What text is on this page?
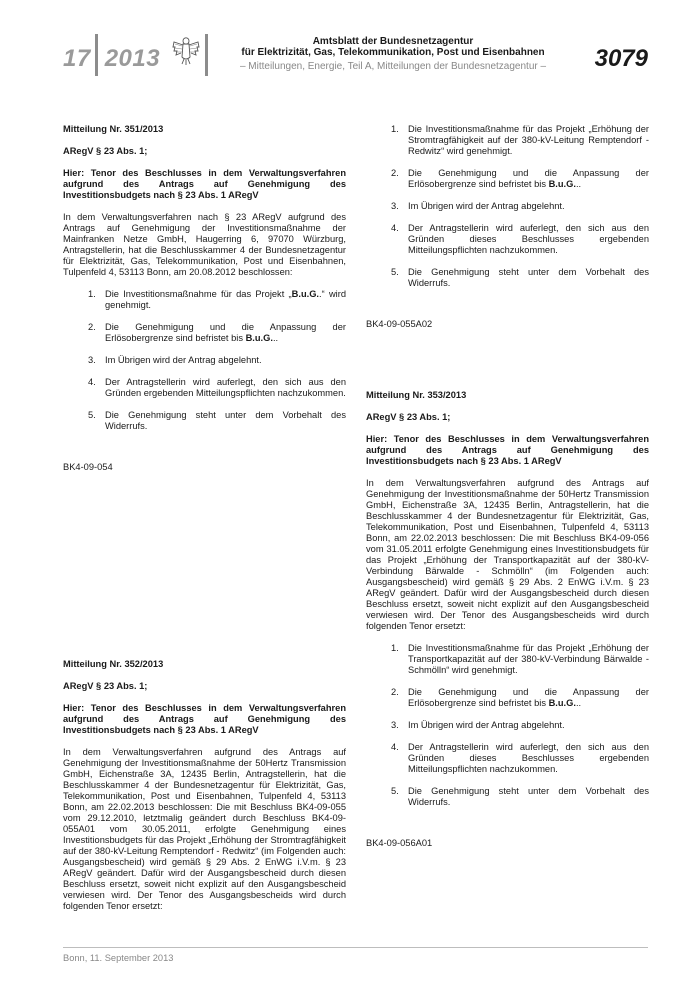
17 2013
Amtsblatt der Bundesnetzagentur
für Elektrizität, Gas, Telekommunikation, Post und Eisenbahnen
– Mitteilungen, Energie, Teil A, Mitteilungen der Bundesnetzagentur –	3079

Mitteilung Nr. 351/2013

ARegV § 23 Abs. 1;

Hier: Tenor des Beschlusses in dem Verwaltungsverfahren aufgrund des Antrags auf Genehmigung des Investitionsbudgets nach § 23 Abs. 1 ARegV

In dem Verwaltungsverfahren nach § 23 ARegV aufgrund des Antrags auf Genehmigung der Investitionsmaßnahme der Mainfranken Netze GmbH, Haugerring 6, 97070 Würzburg, Antragstellerin, hat die Beschlusskammer 4 der Bundesnetzagentur für Elektrizität, Gas, Telekommunikation, Post und Eisenbahnen, Tulpenfeld 4, 53113 Bonn, am 20.08.2012 beschlossen:

1. Die Investitionsmaßnahme für das Projekt „B.u.G..“ wird genehmigt.
2. Die Genehmigung und die Anpassung der Erlösobergrenze sind befristet bis B.u.G...
3. Im Übrigen wird der Antrag abgelehnt.
4. Der Antragstellerin wird auferlegt, den sich aus den Gründen ergebenden Mitteilungspflichten nachzukommen.
5. Die Genehmigung steht unter dem Vorbehalt des Widerrufs.

BK4-09-054

Mitteilung Nr. 352/2013

ARegV § 23 Abs. 1;

Hier: Tenor des Beschlusses in dem Verwaltungsverfahren aufgrund des Antrags auf Genehmigung des Investitionsbudgets nach § 23 Abs. 1 ARegV

In dem Verwaltungsverfahren aufgrund des Antrags auf Genehmigung der Investitionsmaßnahme der 50Hertz Transmission GmbH, Eichenstraße 3A, 12435 Berlin, Antragstellerin, hat die Beschlusskammer 4 der Bundesnetzagentur für Elektrizität, Gas, Telekommunikation, Post und Eisenbahnen, Tulpenfeld 4, 53113 Bonn, am 22.02.2013 beschlossen: Die mit Beschluss BK4-09-055 vom 29.12.2010, letztmalig geändert durch Beschluss BK4-09-055A01 vom 30.05.2011, erfolgte Genehmigung eines Investitionsbudgets für das Projekt „Erhöhung der Stromtragfähigkeit auf der 380-kV-Leitung Remptendorf - Redwitz“ (im Folgenden auch: Ausgangsbescheid) wird gemäß § 29 Abs. 2 EnWG i.V.m. § 23 ARegV geändert. Dafür wird der Ausgangsbescheid durch diesen Beschluss ersetzt, soweit nicht explizit auf den Ausgangsbescheid verwiesen wird. Der Tenor des Ausgangsbescheids wird durch folgenden Tenor ersetzt:

1. Die Investitionsmaßnahme für das Projekt „Erhöhung der Stromtragfähigkeit auf der 380-kV-Leitung Remptendorf - Redwitz“ wird genehmigt.
2. Die Genehmigung und die Anpassung der Erlösobergrenze sind befristet bis B.u.G...
3. Im Übrigen wird der Antrag abgelehnt.
4. Der Antragstellerin wird auferlegt, den sich aus den Gründen dieses Beschlusses ergebenden Mitteilungspflichten nachzukommen.
5. Die Genehmigung steht unter dem Vorbehalt des Widerrufs.

BK4-09-055A02

Mitteilung Nr. 353/2013

ARegV § 23 Abs. 1;

Hier: Tenor des Beschlusses in dem Verwaltungsverfahren aufgrund des Antrags auf Genehmigung des Investitionsbudgets nach § 23 Abs. 1 ARegV

In dem Verwaltungsverfahren aufgrund des Antrags auf Genehmigung der Investitionsmaßnahme der 50Hertz Transmission GmbH, Eichenstraße 3A, 12435 Berlin, Antragstellerin, hat die Beschlusskammer 4 der Bundesnetzagentur für Elektrizität, Gas, Telekommunikation, Post und Eisenbahnen, Tulpenfeld 4, 53113 Bonn, am 22.02.2013 beschlossen: Die mit Beschluss BK4-09-056 vom 31.05.2011 erfolgte Genehmigung eines Investitionsbudgets für das Projekt „Erhöhung der Transportkapazität auf der 380-kV-Verbindung Bärwalde - Schmölln“ (im Folgenden auch: Ausgangsbescheid) wird gemäß § 29 Abs. 2 EnWG i.V.m. § 23 ARegV geändert. Dafür wird der Ausgangsbescheid durch diesen Beschluss ersetzt, soweit nicht explizit auf den Ausgangsbescheid verwiesen wird. Der Tenor des Ausgangsbescheids wird durch folgenden Tenor ersetzt:

1. Die Investitionsmaßnahme für das Projekt „Erhöhung der Transportkapazität auf der 380-kV-Verbindung Bärwalde - Schmölln“ wird genehmigt.
2. Die Genehmigung und die Anpassung der Erlösobergrenze sind befristet bis B.u.G...
3. Im Übrigen wird der Antrag abgelehnt.
4. Der Antragstellerin wird auferlegt, den sich aus den Gründen dieses Beschlusses ergebenden Mitteilungspflichten nachzukommen.
5. Die Genehmigung steht unter dem Vorbehalt des Widerrufs.

BK4-09-056A01

Bonn, 11. September 2013
